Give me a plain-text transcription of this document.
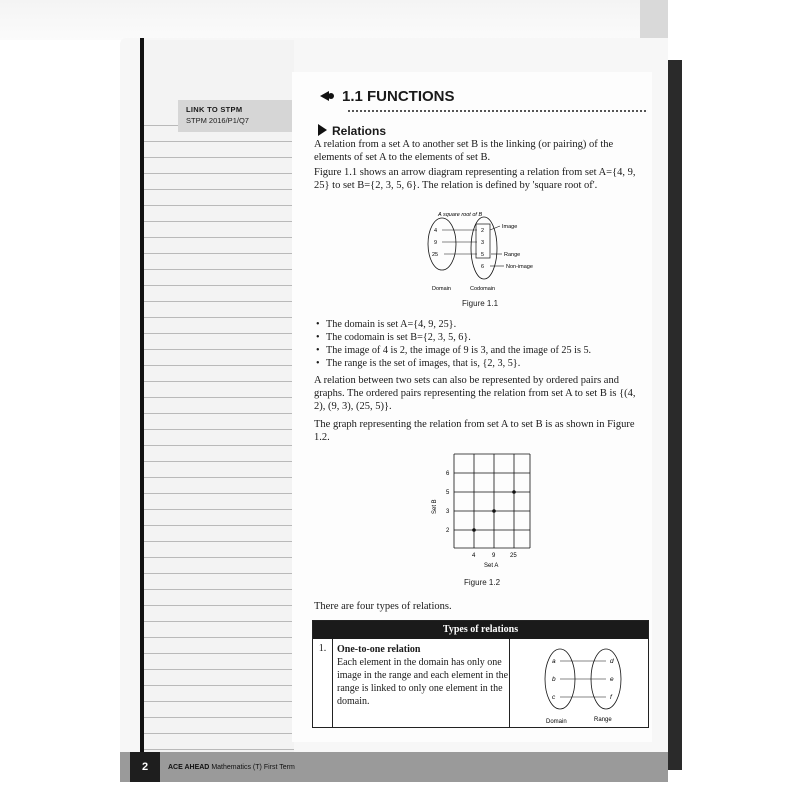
LINK TO STPM
STPM 2016/P1/Q7
1.1 FUNCTIONS
Relations
A relation from a set A to another set B is the linking (or pairing) of the elements of set A to the elements of set B.
Figure 1.1 shows an arrow diagram representing a relation from set A={4, 9, 25} to set B={2, 3, 5, 6}. The relation is defined by 'square root of'.
A square root of B
4
9
25
2
3
5
6
Image
Range
Non-image
Domain	Codomain
Figure 1.1
• The domain is set A={4, 9, 25}.
• The codomain is set B={2, 3, 5, 6}.
• The image of 4 is 2, the image of 9 is 3, and the image of 25 is 5.
• The range is the set of images, that is, {2, 3, 5}.
A relation between two sets can also be represented by ordered pairs and graphs. The ordered pairs representing the relation from set A to set B is {(4, 2), (9, 3), (25, 5)}.
The graph representing the relation from set A to set B is as shown in Figure 1.2.
6
5
3
2
4	9 25
Set A
Set B
Figure 1.2
There are four types of relations.
Types of relations
1.	One-to-one relation
Each element in the domain has only one image in the range and each element in the range is linked to only one element in the domain.
a
b
c
d
e
f
Domain	Range
2	ACE AHEAD Mathematics (T) First Term
